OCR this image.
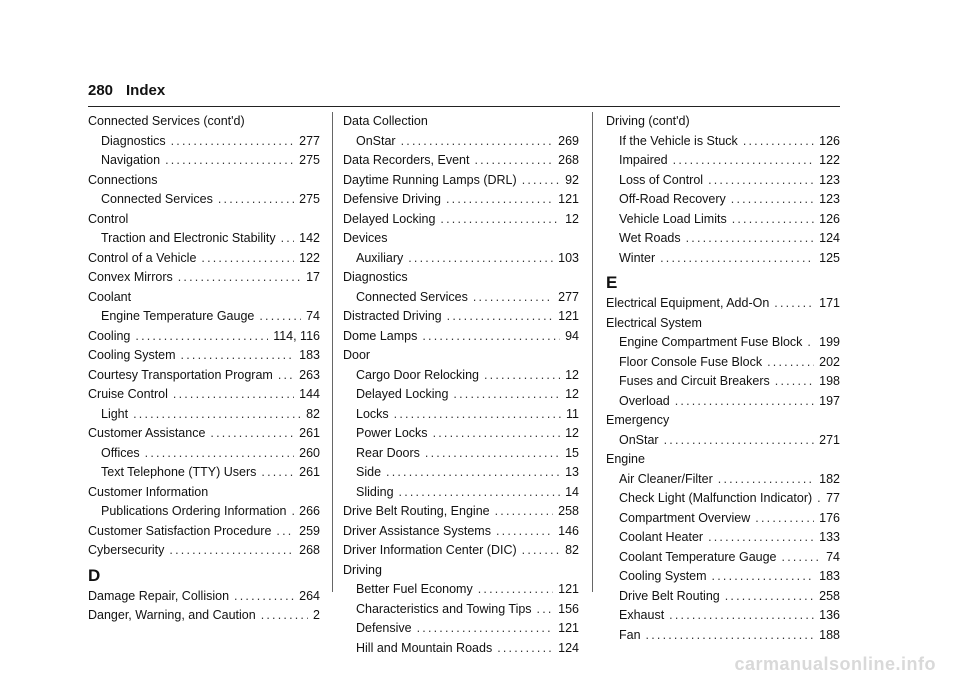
280 Index
Connected Services (cont'd)
Diagnostics .....	277
Navigation .....	275
Connections
Connected Services .....	275
Control
Traction and Electronic Stability ..... 142
Control of a Vehicle .....	122
Convex Mirrors .....	17
Coolant
Engine Temperature Gauge .....	74
Cooling .....	114, 116
Cooling System .....	183
Courtesy Transportation Program ..... 263
Cruise Control .....	144
Light .....	82
Customer Assistance .....	261
Offices .....	260
Text Telephone (TTY) Users .....	261
Customer Information
Publications Ordering Information ..... 266
Customer Satisfaction Procedure ..... 259
Cybersecurity .....	268
D
Damage Repair, Collision .....	264
Danger, Warning, and Caution .....	2
Data Collection
OnStar .....	269
Data Recorders, Event .....	268
Daytime Running Lamps (DRL) .....	92
Defensive Driving .....	121
Delayed Locking .....	12
Devices
Auxiliary .....	103
Diagnostics
Connected Services .....	277
Distracted Driving .....	121
Dome Lamps .....	94
Door
Cargo Door Relocking .....	12
Delayed Locking .....	12
Locks .....	11
Power Locks .....	12
Rear Doors .....	15
Side .....	13
Sliding .....	14
Drive Belt Routing, Engine .....	258
Driver Assistance Systems .....	146
Driver Information Center (DIC) .....	82
Driving
Better Fuel Economy .....	121
Characteristics and Towing Tips ..... 156
Defensive .....	121
Hill and Mountain Roads .....	124
Driving (cont'd)
If the Vehicle is Stuck .....	126
Impaired .....	122
Loss of Control .....	123
Off-Road Recovery .....	123
Vehicle Load Limits .....	126
Wet Roads .....	124
Winter .....	125
E
Electrical Equipment, Add-On .....	171
Electrical System
Engine Compartment Fuse Block ..... 199
Floor Console Fuse Block .....	202
Fuses and Circuit Breakers .....	198
Overload .....	197
Emergency
OnStar .....	271
Engine
Air Cleaner/Filter .....	182
Check Light (Malfunction Indicator) ..... 77
Compartment Overview .....	176
Coolant Heater .....	133
Coolant Temperature Gauge .....	74
Cooling System .....	183
Drive Belt Routing .....	258
Exhaust .....	136
Fan .....	188
carmanualsonline.info
